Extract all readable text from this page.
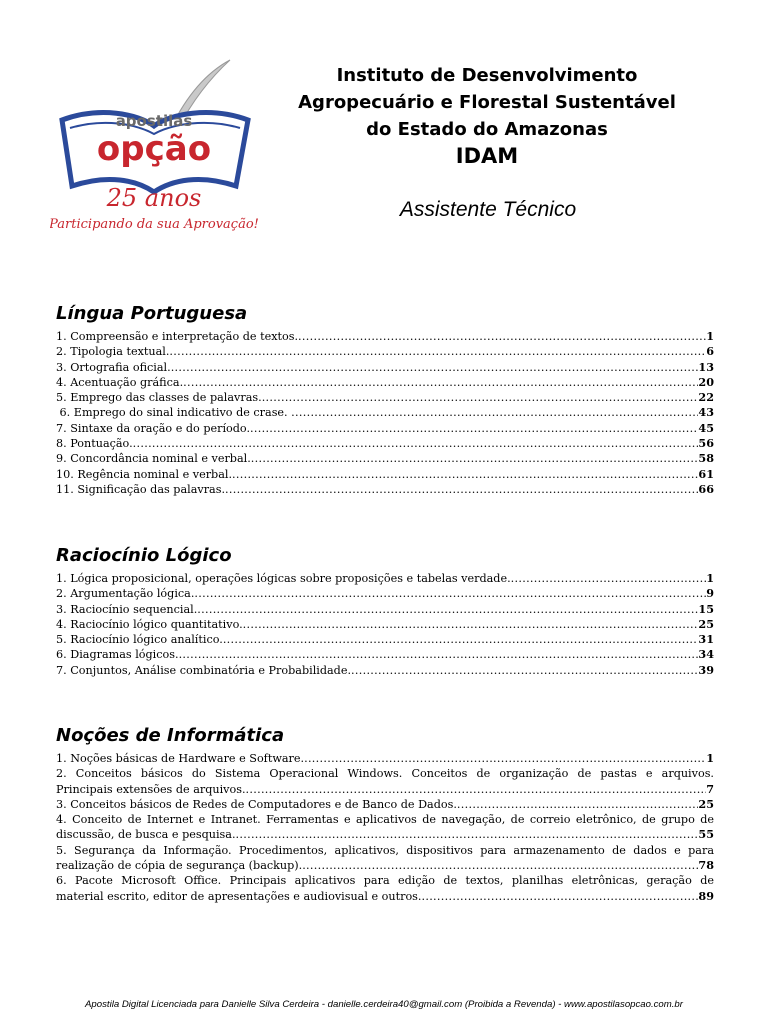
apostilas
opção
25 anos
Participando da sua Aprovação!
Instituto de Desenvolvimento
Agropecuário e Florestal Sustentável
do Estado do Amazonas
IDAM
Assistente Técnico
Língua Portuguesa
1. Compreensão e interpretação de textos. .....	1
2. Tipologia textual. .....	6
3. Ortografia oficial. .....	13
4. Acentuação gráfica. .....	20
5. Emprego das classes de palavras. .....	22
6. Emprego do sinal indicativo de crase. .....	43
7. Sintaxe da oração e do período. .....	45
8. Pontuação. .....	56
9. Concordância nominal e verbal. .....	58
10. Regência nominal e verbal. .....	61
11. Significação das palavras. .....	66
Raciocínio Lógico
1. Lógica proposicional, operações lógicas sobre proposições e tabelas verdade. .....	1
2. Argumentação lógica. .....	9
3. Raciocínio sequencial. .....	15
4. Raciocínio lógico quantitativo. .....	25
5. Raciocínio lógico analítico. .....	31
6. Diagramas lógicos. .....	34
7. Conjuntos, Análise combinatória e Probabilidade. .....	39
Noções de Informática
1. Noções básicas de Hardware e Software. .....	1
2. Conceitos básicos do Sistema Operacional Windows. Conceitos de organização de pastas e arquivos.
Principais extensões de arquivos. .....	7
3. Conceitos básicos de Redes de Computadores e de Banco de Dados. .....	25
4. Conceito de Internet e Intranet. Ferramentas e aplicativos de navegação, de correio eletrônico, de grupo de
discussão, de busca e pesquisa. .....	55
5. Segurança da Informação. Procedimentos, aplicativos, dispositivos para armazenamento de dados e para
realização de cópia de segurança (backup). .....	78
6. Pacote Microsoft Office. Principais aplicativos para edição de textos, planilhas eletrônicas, geração de
material escrito, editor de apresentações e audiovisual e outros. .....	89
Apostila Digital Licenciada para Danielle Silva Cerdeira - danielle.cerdeira40@gmail.com (Proibida a Revenda) - www.apostilasopcao.com.br
